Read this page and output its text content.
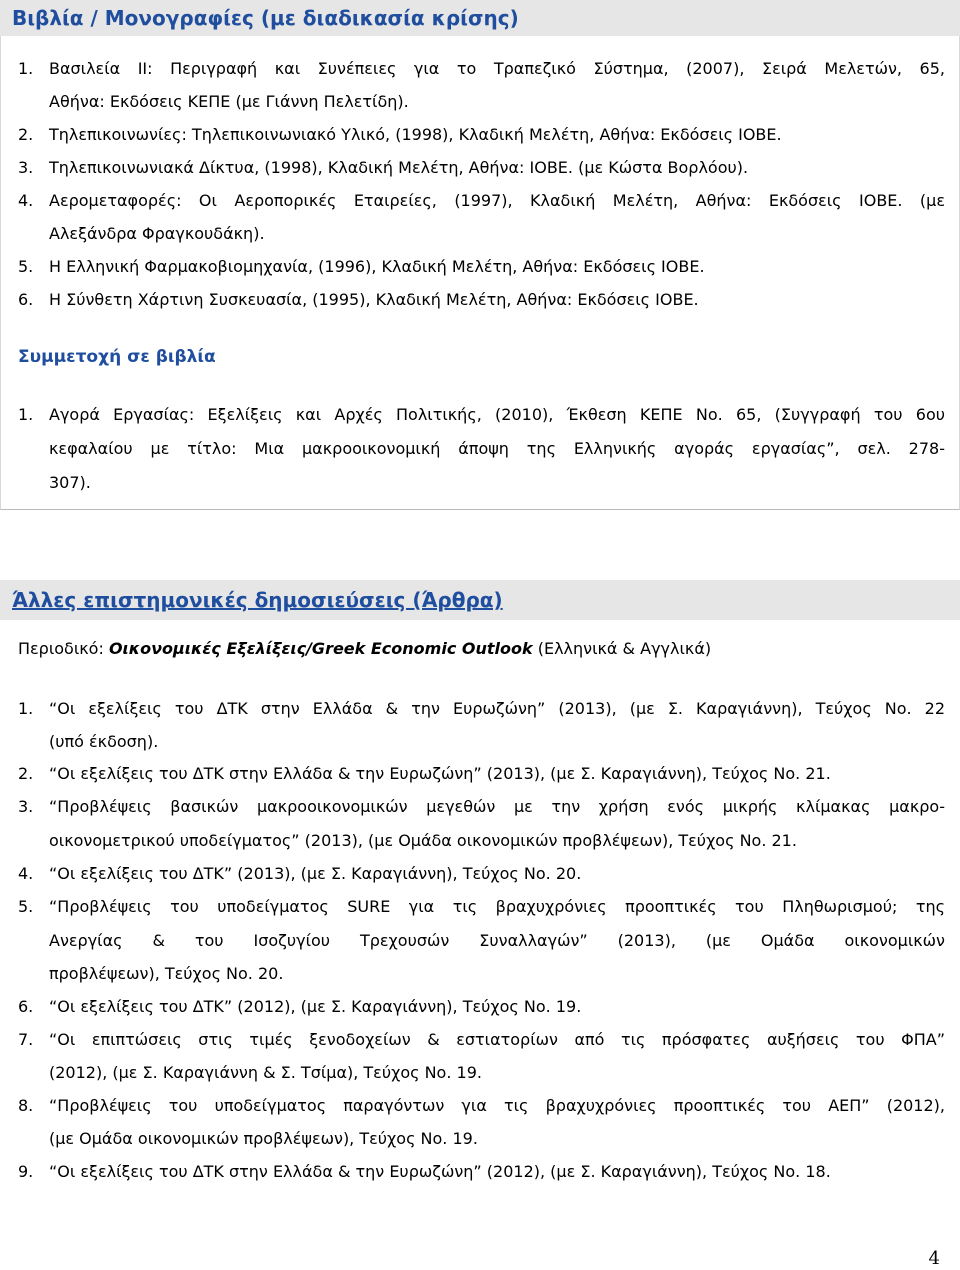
Βιβλία / Μονογραφίες (με διαδικασία κρίσης)
1. Βασιλεία ΙΙ: Περιγραφή και Συνέπειες για το Τραπεζικό Σύστημα, (2007), Σειρά Μελετών, 65,
Αθήνα: Εκδόσεις ΚΕΠΕ (με Γιάννη Πελετίδη).
2. Τηλεπικοινωνίες: Τηλεπικοινωνιακό Υλικό, (1998), Κλαδική Μελέτη, Αθήνα: Εκδόσεις ΙΟΒΕ.
3. Τηλεπικοινωνιακά Δίκτυα, (1998), Κλαδική Μελέτη, Αθήνα: ΙΟΒΕ. (με Κώστα Βορλόου).
4. Αερομεταφορές: Οι Αεροπορικές Εταιρείες, (1997), Κλαδική Μελέτη, Αθήνα: Εκδόσεις ΙΟΒΕ. (με
Αλεξάνδρα Φραγκουδάκη).
5. Η Ελληνική Φαρμακοβιομηχανία, (1996), Κλαδική Μελέτη, Αθήνα: Εκδόσεις ΙΟΒΕ.
6. Η Σύνθετη Χάρτινη Συσκευασία, (1995), Κλαδική Μελέτη, Αθήνα: Εκδόσεις ΙΟΒΕ.
Συμμετοχή σε βιβλία
1. Αγορά Εργασίας: Εξελίξεις και Αρχές Πολιτικής, (2010), Έκθεση ΚΕΠΕ Νο. 65, (Συγγραφή του 6ου
κεφαλαίου με τίτλο: Μια μακροοικονομική άποψη της Ελληνικής αγοράς εργασίας”, σελ. 278-
307).
Άλλες επιστημονικές δημοσιεύσεις (Άρθρα)
Περιοδικό: Οικονομικές Εξελίξεις/Greek Economic Outlook (Ελληνικά & Αγγλικά)
1. “Οι εξελίξεις του ΔΤΚ στην Ελλάδα & την Ευρωζώνη” (2013), (με Σ. Καραγιάννη), Τεύχος Νο. 22
(υπό έκδοση).
2. “Οι εξελίξεις του ΔΤΚ στην Ελλάδα & την Ευρωζώνη” (2013), (με Σ. Καραγιάννη), Τεύχος Νο. 21.
3. “Προβλέψεις βασικών μακροοικονομικών μεγεθών με την χρήση ενός μικρής κλίμακας μακρο-
οικονομετρικού υποδείγματος” (2013), (με Ομάδα οικονομικών προβλέψεων), Τεύχος Νο. 21.
4. “Οι εξελίξεις του ΔΤΚ” (2013), (με Σ. Καραγιάννη), Τεύχος Νο. 20.
5. “Προβλέψεις του υποδείγματος SURE για τις βραχυχρόνιες προοπτικές του Πληθωρισμού; της
Ανεργίας & του Ισοζυγίου Τρεχουσών Συναλλαγών” (2013), (με Ομάδα οικονομικών
προβλέψεων), Τεύχος Νο. 20.
6. “Οι εξελίξεις του ΔΤΚ” (2012), (με Σ. Καραγιάννη), Τεύχος Νο. 19.
7. “Οι επιπτώσεις στις τιμές ξενοδοχείων & εστιατορίων από τις πρόσφατες αυξήσεις του ΦΠΑ”
(2012), (με Σ. Καραγιάννη & Σ. Τσίμα), Τεύχος Νο. 19.
8. “Προβλέψεις του υποδείγματος παραγόντων για τις βραχυχρόνιες προοπτικές του ΑΕΠ” (2012),
(με Ομάδα οικονομικών προβλέψεων), Τεύχος Νο. 19.
9. “Οι εξελίξεις του ΔΤΚ στην Ελλάδα & την Ευρωζώνη” (2012), (με Σ. Καραγιάννη), Τεύχος Νο. 18.
4
